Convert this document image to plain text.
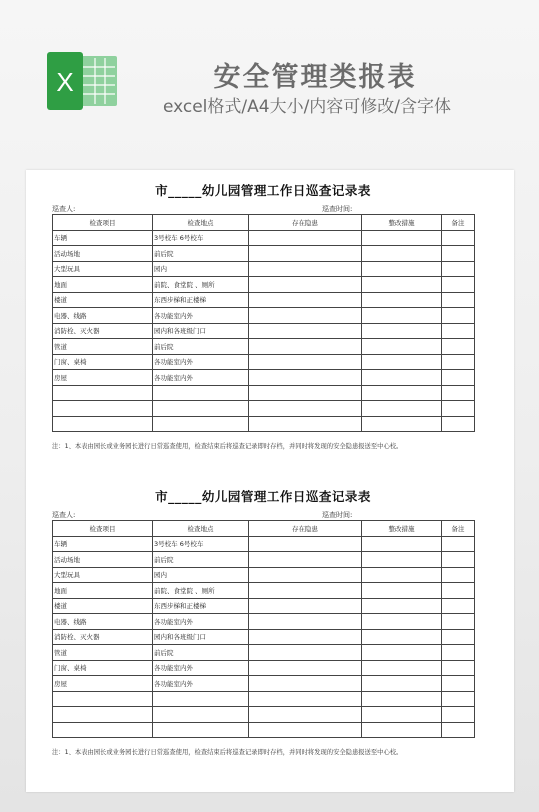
X	安全管理类报表
excel格式/A4大小/内容可修改/含字体
市_____幼儿园管理工作日巡查记录表
巡查人:	巡查时间:
检查项目	检查地点	存在隐患	整改措施	备注
车辆	3号校车 6号校车			
活动场地	前后院			
大型玩具	园内			
地面	前院、食堂院 、厕所			
楼道	东西步梯和正楼梯			
电器、线路	各功能室内外			
消防栓、灭火器	园内和各班级门口			
管道	前后院			
门窗、桌椅	各功能室内外			
房屋	各功能室内外			

注：1、本表由园长或业务园长进行日常巡查使用，检查结束后将巡查记录即时存档，并同时将发现的安全隐患报送至中心校。
市_____幼儿园管理工作日巡查记录表
巡查人:	巡查时间:
检查项目	检查地点	存在隐患	整改措施	备注
车辆	3号校车 6号校车			
活动场地	前后院			
大型玩具	园内			
地面	前院、食堂院 、厕所			
楼道	东西步梯和正楼梯			
电器、线路	各功能室内外			
消防栓、灭火器	园内和各班级门口			
管道	前后院			
门窗、桌椅	各功能室内外			
房屋	各功能室内外			

注：1、本表由园长或业务园长进行日常巡查使用，检查结束后将巡查记录即时存档，并同时将发现的安全隐患报送至中心校。
